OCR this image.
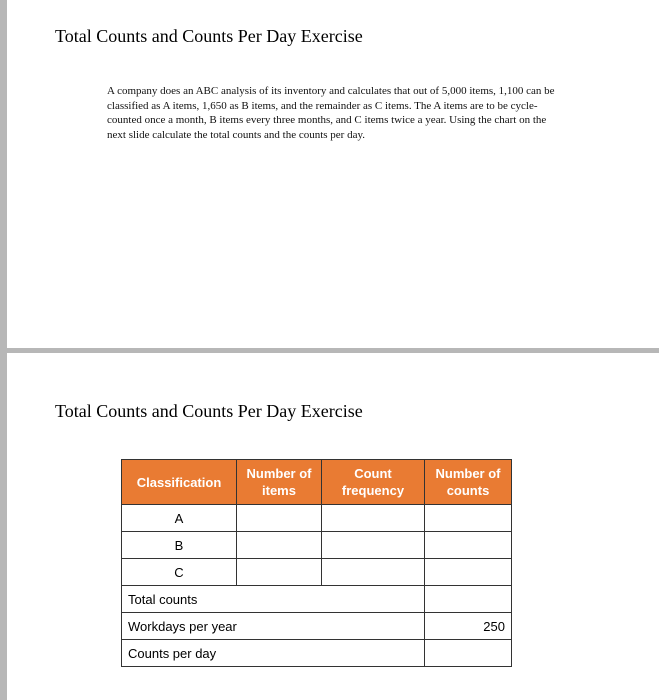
Total Counts and Counts Per Day Exercise

A company does an ABC analysis of its inventory and calculates that out of 5,000 items, 1,100 can be classified as A items, 1,650 as B items, and the remainder as C items. The A items are to be cycle-counted once a month, B items every three months, and C items twice a year. Using the chart on the next slide calculate the total counts and the counts per day.

Total Counts and Counts Per Day Exercise
Classification	Number of items	Count frequency	Number of counts
A			
B			
C			
Total counts			
Workdays per year			250
Counts per day			
